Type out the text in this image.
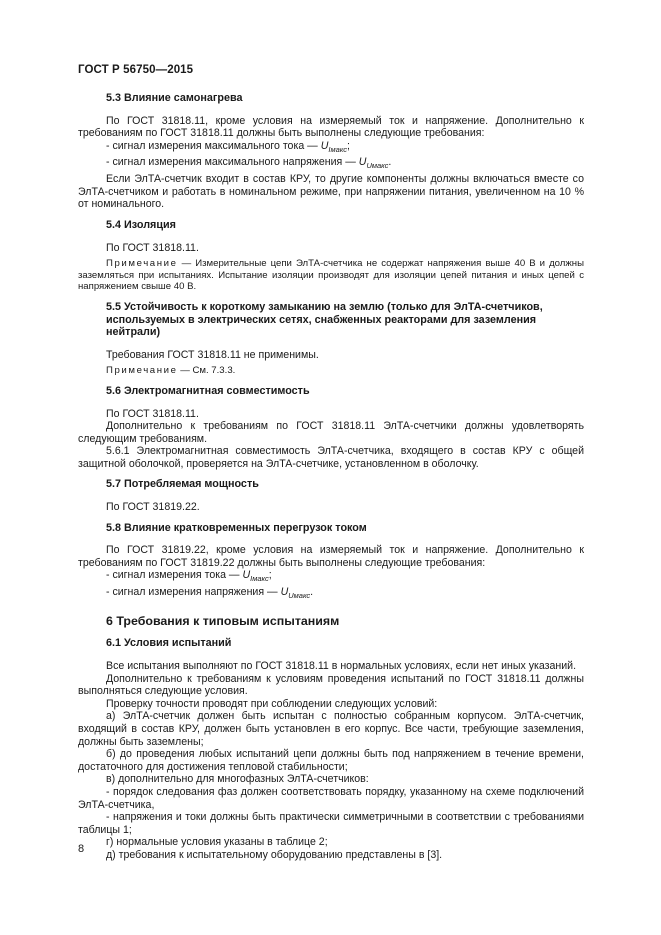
ГОСТ Р 56750—2015
5.3 Влияние самонагрева

По ГОСТ 31818.11, кроме условия на измеряемый ток и напряжение. Дополнительно к требованиям по ГОСТ 31818.11 должны быть выполнены следующие требования:

- сигнал измерения максимального тока — $U_{Iмакс}$;

- сигнал измерения максимального напряжения — $U_{Uмакс}$.

Если ЭлТА-счетчик входит в состав КРУ, то другие компоненты должны включаться вместе со ЭлТА-счетчиком и работать в номинальном режиме, при напряжении питания, увеличенном на 10 % от номинального.

5.4 Изоляция

По ГОСТ 31818.11.

Примечание — Измерительные цепи ЭлТА-счетчика не содержат напряжения выше 40 В и должны заземляться при испытаниях. Испытание изоляции производят для изоляции цепей питания и иных цепей с напряжением свыше 40 В.

5.5 Устойчивость к короткому замыканию на землю (только для ЭлТА-счетчиков, используемых в электрических сетях, снабженных реакторами для заземления нейтрали)

Требования ГОСТ 31818.11 не применимы.

Примечание — См. 7.3.3.

5.6 Электромагнитная совместимость

По ГОСТ 31818.11.

Дополнительно к требованиям по ГОСТ 31818.11 ЭлТА-счетчики должны удовлетворять следующим требованиям.

5.6.1 Электромагнитная совместимость ЭлТА-счетчика, входящего в состав КРУ с общей защитной оболочкой, проверяется на ЭлТА-счетчике, установленном в оболочку.

5.7 Потребляемая мощность

По ГОСТ 31819.22.

5.8 Влияние кратковременных перегрузок током

По ГОСТ 31819.22, кроме условия на измеряемый ток и напряжение. Дополнительно к требованиям по ГОСТ 31819.22 должны быть выполнены следующие требования:

- сигнал измерения тока — $U_{Iмакс}$;

- сигнал измерения напряжения — $U_{Uмакс}$.

6 Требования к типовым испытаниям
6.1 Условия испытаний

Все испытания выполняют по ГОСТ 31818.11 в нормальных условиях, если нет иных указаний.

Дополнительно к требованиям к условиям проведения испытаний по ГОСТ 31818.11 должны выполняться следующие условия.

Проверку точности проводят при соблюдении следующих условий:

а) ЭлТА-счетчик должен быть испытан с полностью собранным корпусом. ЭлТА-счетчик, входящий в состав КРУ, должен быть установлен в его корпус. Все части, требующие заземления, должны быть заземлены;

б) до проведения любых испытаний цепи должны быть под напряжением в течение времени, достаточного для достижения тепловой стабильности;

в) дополнительно для многофазных ЭлТА-счетчиков:

- порядок следования фаз должен соответствовать порядку, указанному на схеме подключений ЭлТА-счетчика,

- напряжения и токи должны быть практически симметричными в соответствии с требованиями таблицы 1;

г) нормальные условия указаны в таблице 2;

д) требования к испытательному оборудованию представлены в [3].

8
